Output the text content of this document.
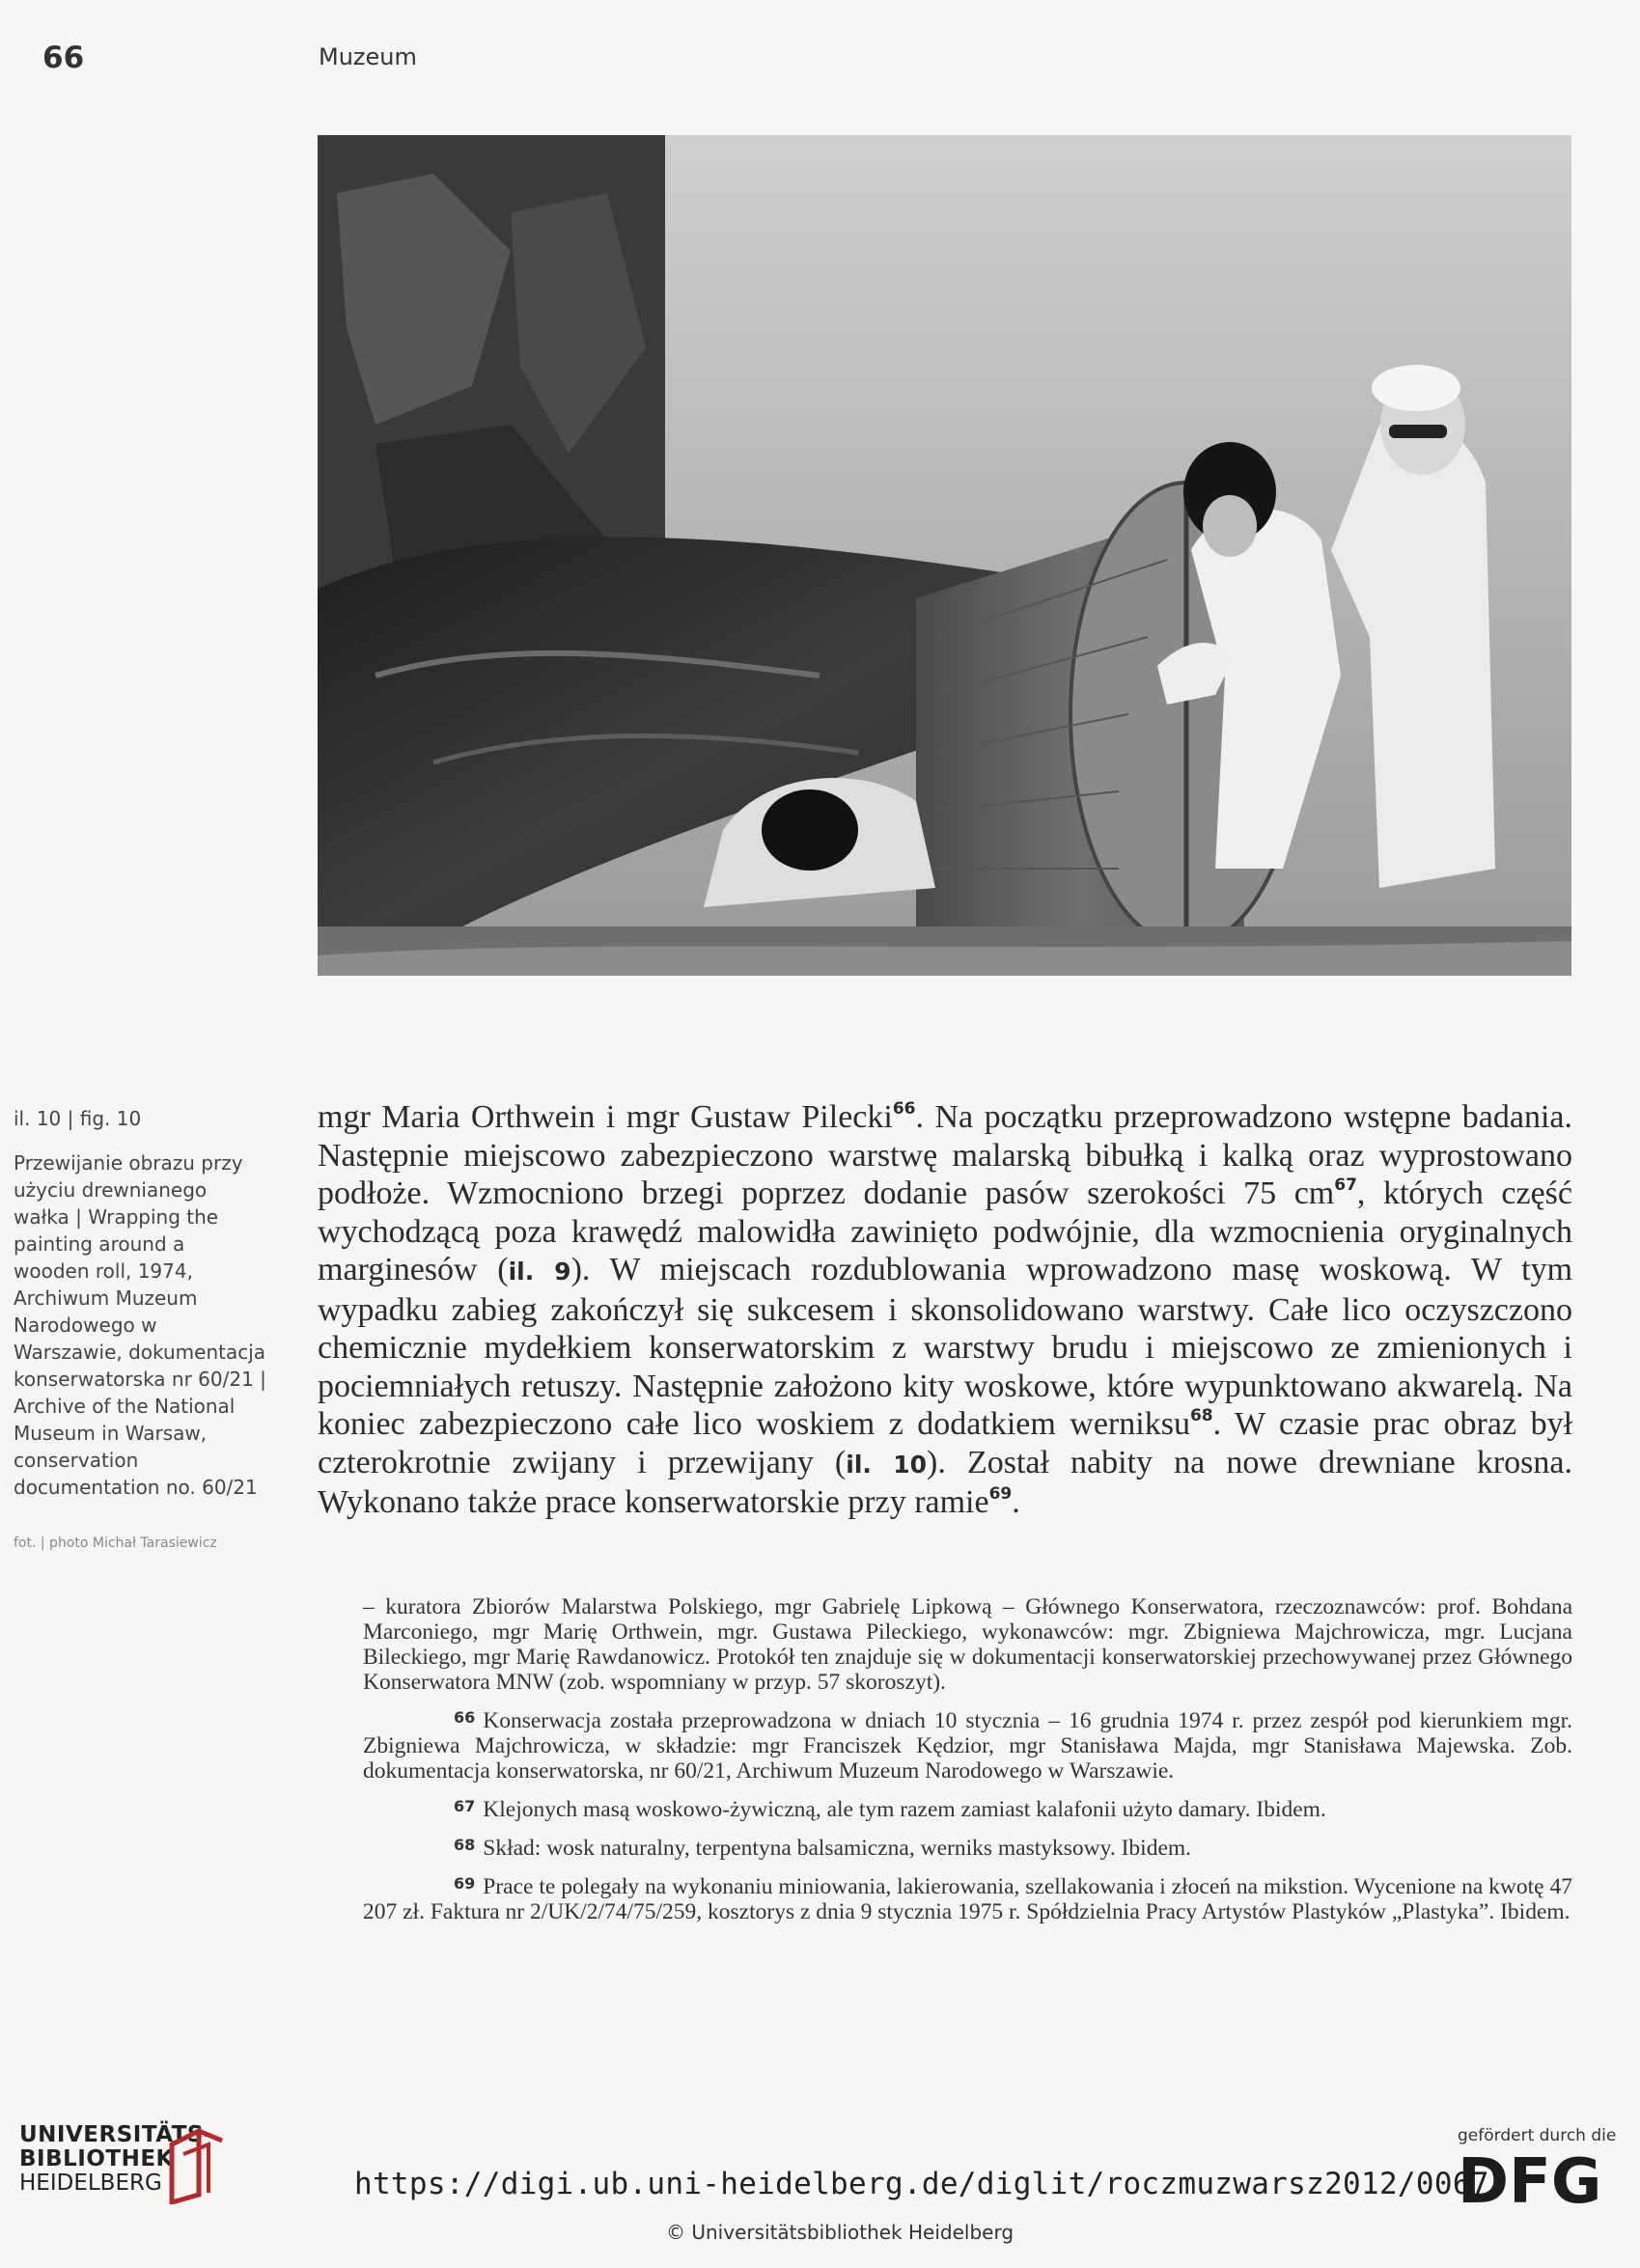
66	Muzeum
il. 10 | fig. 10
Przewijanie obrazu przy użyciu drewnianego wałka | Wrapping the painting around a wooden roll, 1974, Archiwum Muzeum Narodowego w Warszawie, dokumentacja konserwatorska nr 60/21 | Archive of the National Museum in Warsaw, conservation documentation no. 60/21
fot. | photo Michał Tarasiewicz

mgr Maria Orthwein i mgr Gustaw Pilecki$^{66}$. Na początku przeprowadzono wstępne badania. Następnie miejscowo zabezpieczono warstwę malarską bibułką i kalką oraz wyprostowano podłoże. Wzmocniono brzegi poprzez dodanie pasów szerokości 75 cm$^{67}$, których część wychodzącą poza krawędź malowidła zawinięto podwójnie, dla wzmocnienia oryginalnych marginesów (il. 9). W miejscach rozdublowania wprowadzono masę woskową. W tym wypadku zabieg zakończył się sukcesem i skonsolidowano warstwy. Całe lico oczyszczono chemicznie mydełkiem konserwatorskim z warstwy brudu i miejscowo ze zmienionych i pociemniałych retuszy. Następnie założono kity woskowe, które wypunktowano akwarelą. Na koniec zabezpieczono całe lico woskiem z dodatkiem werniksu$^{68}$. W czasie prac obraz był czterokrotnie zwijany i przewijany (il. 10). Został nabity na nowe drewniane krosna. Wykonano także prace konserwatorskie przy ramie$^{69}$.

– kuratora Zbiorów Malarstwa Polskiego, mgr Gabrielę Lipkową – Głównego Konserwatora, rzeczoznawców: prof. Bohdana Marconiego, mgr Marię Orthwein, mgr. Gustawa Pileckiego, wykonawców: mgr. Zbigniewa Majchrowicza, mgr. Lucjana Bileckiego, mgr Marię Rawdanowicz. Protokół ten znajduje się w dokumentacji konserwatorskiej przechowywanej przez Głównego Konserwatora MNW (zob. wspomniany w przyp. 57 skoroszyt).

$^{66}$ Konserwacja została przeprowadzona w dniach 10 stycznia – 16 grudnia 1974 r. przez zespół pod kierunkiem mgr. Zbigniewa Majchrowicza, w składzie: mgr Franciszek Kędzior, mgr Stanisława Majda, mgr Stanisława Majewska. Zob. dokumentacja konserwatorska, nr 60/21, Archiwum Muzeum Narodowego w Warszawie.

$^{67}$ Klejonych masą woskowo-żywiczną, ale tym razem zamiast kalafonii użyto damary. Ibidem.

$^{68}$ Skład: wosk naturalny, terpentyna balsamiczna, werniks mastyksowy. Ibidem.

$^{69}$ Prace te polegały na wykonaniu miniowania, lakierowania, szellakowania i złoceń na mikstion. Wycenione na kwotę 47 207 zł. Faktura nr 2/UK/2/74/75/259, kosztorys z dnia 9 stycznia 1975 r. Spółdzielnia Pracy Artystów Plastyków „Plastyka”. Ibidem.

UNIVERSITÄTS-
BIBLIOTHEK
HEIDELBERG	https://digi.ub.uni-heidelberg.de/diglit/roczmuzwarsz2012/0067
© Universitätsbibliothek Heidelberg
gefördert durch die
DFG
